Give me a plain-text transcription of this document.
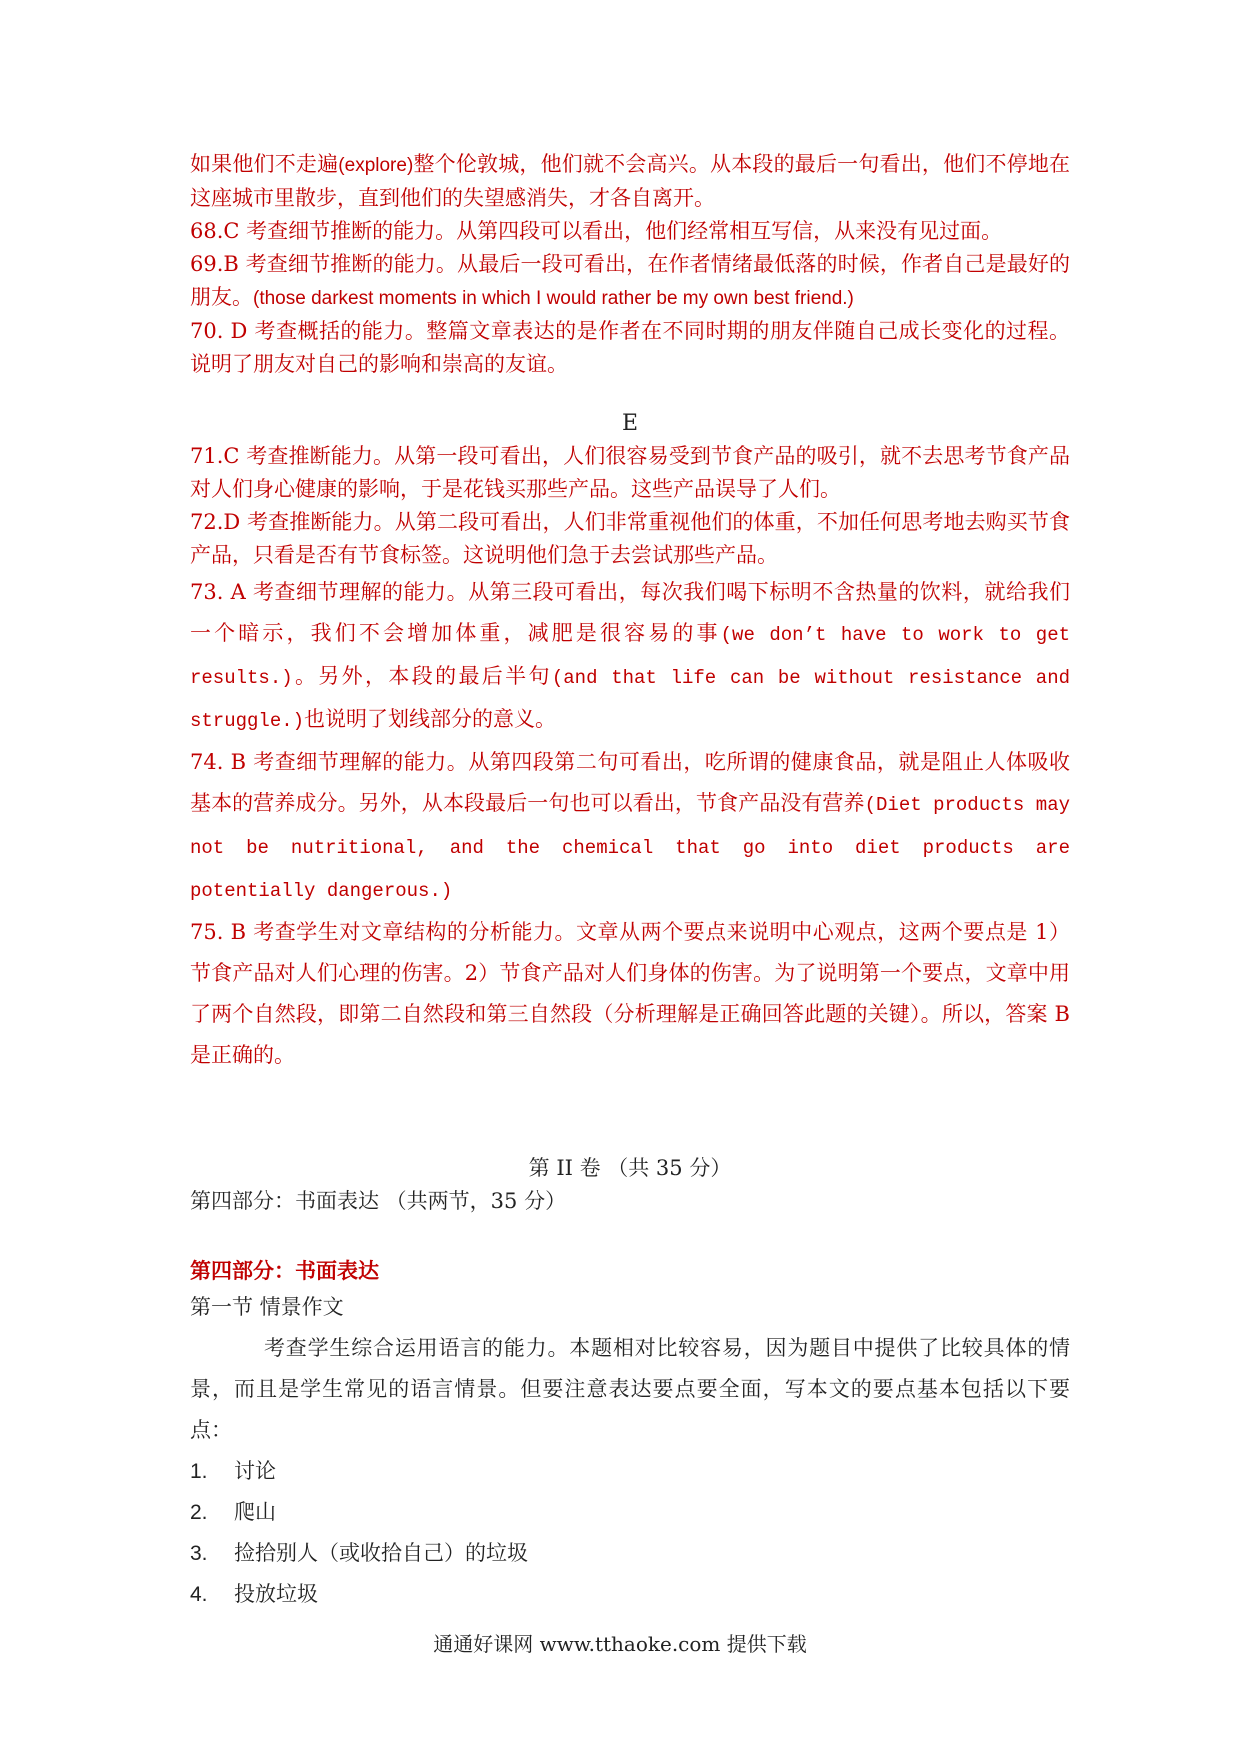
如果他们不走遍(explore)整个伦敦城，他们就不会高兴。从本段的最后一句看出，他们不停地在这座城市里散步，直到他们的失望感消失，才各自离开。

68.C 考查细节推断的能力。从第四段可以看出，他们经常相互写信，从来没有见过面。

69.B 考查细节推断的能力。从最后一段可看出，在作者情绪最低落的时候，作者自己是最好的朋友。(those darkest moments in which I would rather be my own best friend.)

70. D 考查概括的能力。整篇文章表达的是作者在不同时期的朋友伴随自己成长变化的过程。说明了朋友对自己的影响和崇高的友谊。

E

71.C 考查推断能力。从第一段可看出，人们很容易受到节食产品的吸引，就不去思考节食产品对人们身心健康的影响，于是花钱买那些产品。这些产品误导了人们。

72.D 考查推断能力。从第二段可看出，人们非常重视他们的体重，不加任何思考地去购买节食产品，只看是否有节食标签。这说明他们急于去尝试那些产品。

73. A 考查细节理解的能力。从第三段可看出，每次我们喝下标明不含热量的饮料，就给我们一个暗示，我们不会增加体重，减肥是很容易的事(we don’t have to work to get results.)。另外，本段的最后半句(and that life can be without resistance and struggle.)也说明了划线部分的意义。

74. B 考查细节理解的能力。从第四段第二句可看出，吃所谓的健康食品，就是阻止人体吸收基本的营养成分。另外，从本段最后一句也可以看出，节食产品没有营养(Diet products may not be nutritional, and the chemical that go into diet products are potentially dangerous.)

75. B 考查学生对文章结构的分析能力。文章从两个要点来说明中心观点，这两个要点是 1）节食产品对人们心理的伤害。2）节食产品对人们身体的伤害。为了说明第一个要点，文章中用了两个自然段，即第二自然段和第三自然段（分析理解是正确回答此题的关键）。所以，答案 B 是正确的。

第 II 卷 （共 35 分）

第四部分：书面表达 （共两节，35 分）

第四部分：书面表达

第一节 情景作文

考查学生综合运用语言的能力。本题相对比较容易，因为题目中提供了比较具体的情景，而且是学生常见的语言情景。但要注意表达要点要全面，写本文的要点基本包括以下要点：

1.	讨论
2.	爬山
3.	捡拾别人（或收拾自己）的垃圾
4.	投放垃圾
通通好课网 www.tthaoke.com 提供下载
